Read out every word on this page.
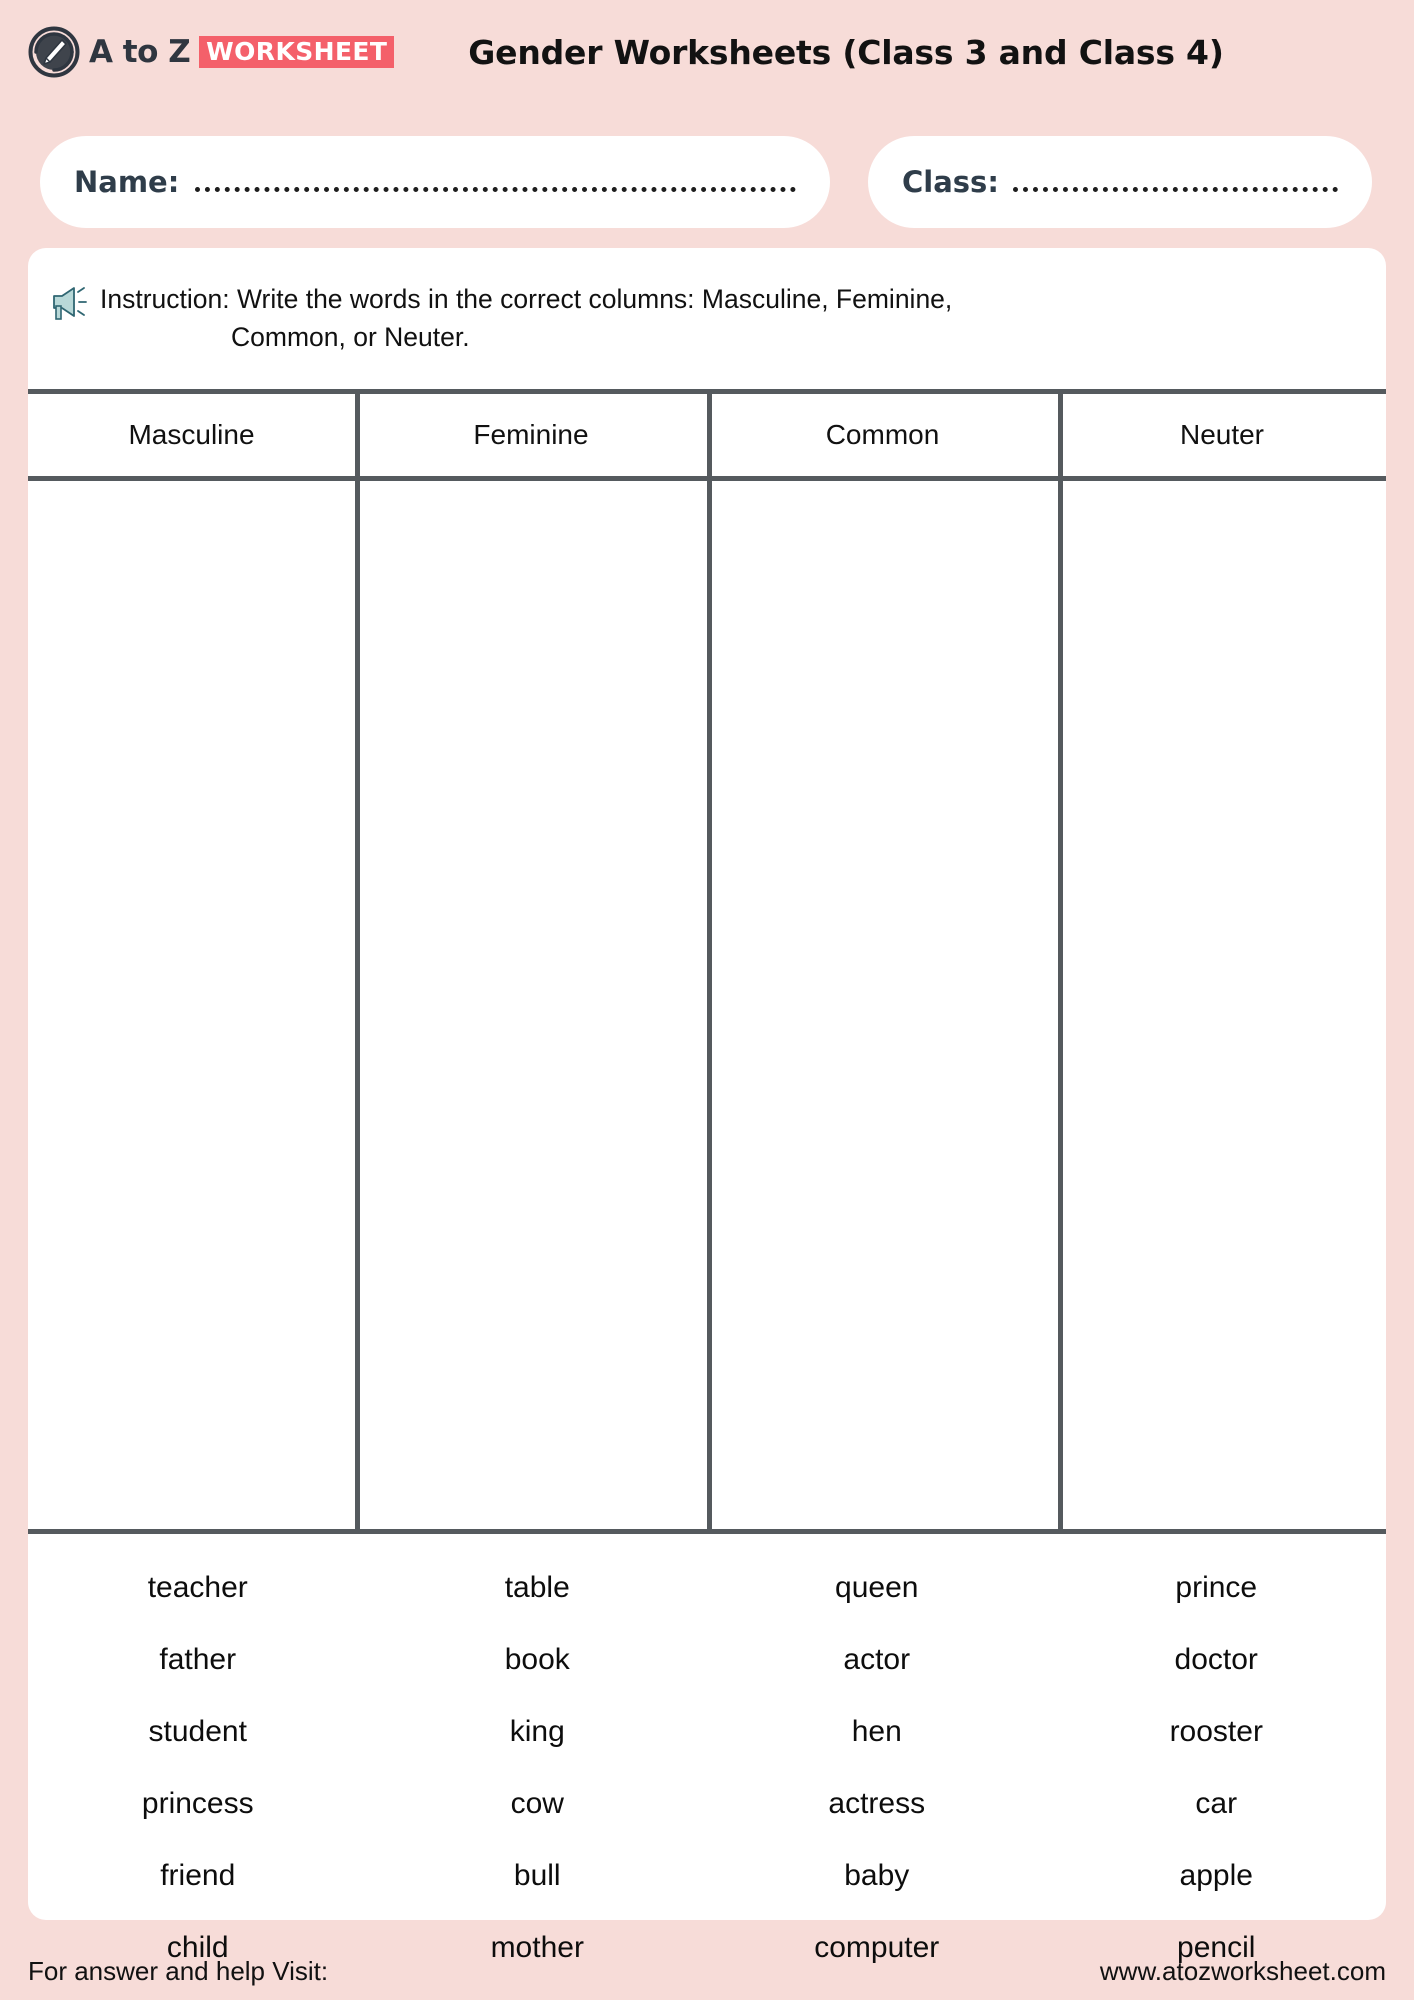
A to Z WORKSHEET	Gender Worksheets (Class 3 and Class 4)
Name:	Class:
Instruction: Write the words in the correct columns: Masculine, Feminine,
Common, or Neuter.
Masculine	Feminine	Common	Neuter
teacher	table	queen	prince
father	book	actor	doctor
student	king	hen	rooster
princess	cow	actress	car
friend	bull	baby	apple
child	mother	computer	pencil
For answer and help Visit:	www.atozworksheet.com
